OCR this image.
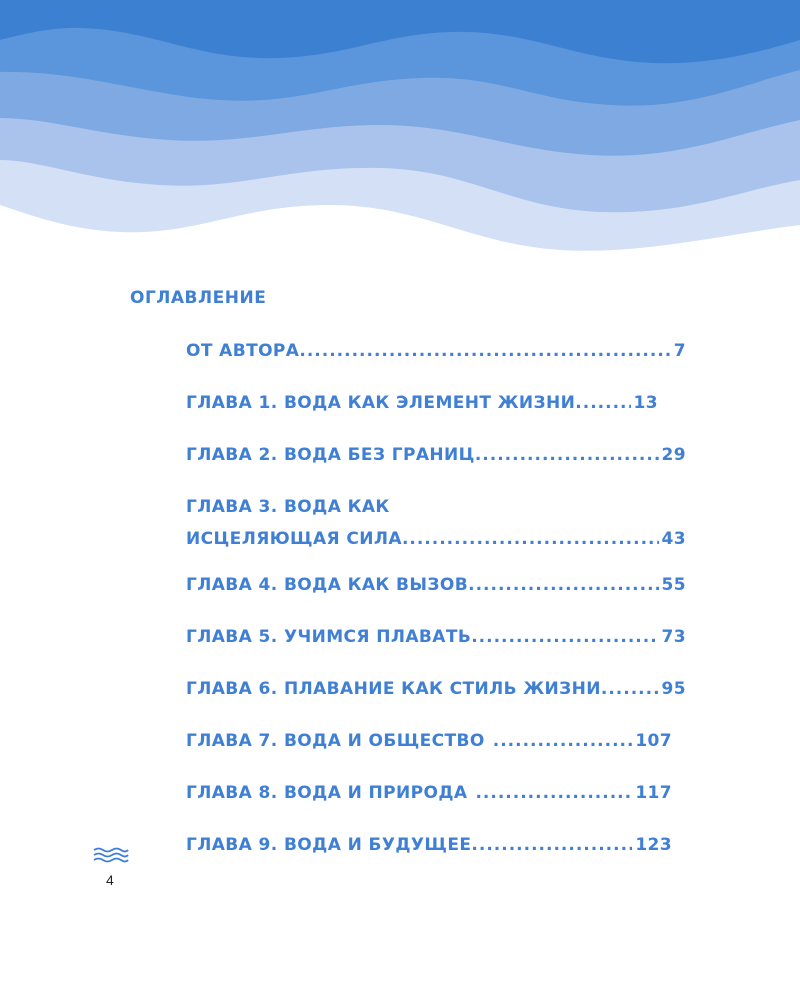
ОГЛАВЛЕНИЕ
ОТ АВТОРА .....	7
ГЛАВА 1. ВОДА КАК ЭЛЕМЕНТ ЖИЗНИ .....	13
ГЛАВА 2. ВОДА БЕЗ ГРАНИЦ .....	29
ГЛАВА 3. ВОДА КАК
ИСЦЕЛЯЮЩАЯ СИЛА .....	43
ГЛАВА 4. ВОДА КАК ВЫЗОВ .....	55
ГЛАВА 5. УЧИМСЯ ПЛАВАТЬ .....	73
ГЛАВА 6. ПЛАВАНИЕ КАК СТИЛЬ ЖИЗНИ .....	95
ГЛАВА 7. ВОДА И ОБЩЕСТВО .....	107
ГЛАВА 8. ВОДА И ПРИРОДА .....	117
ГЛАВА 9. ВОДА И БУДУЩЕЕ .....	123
4
